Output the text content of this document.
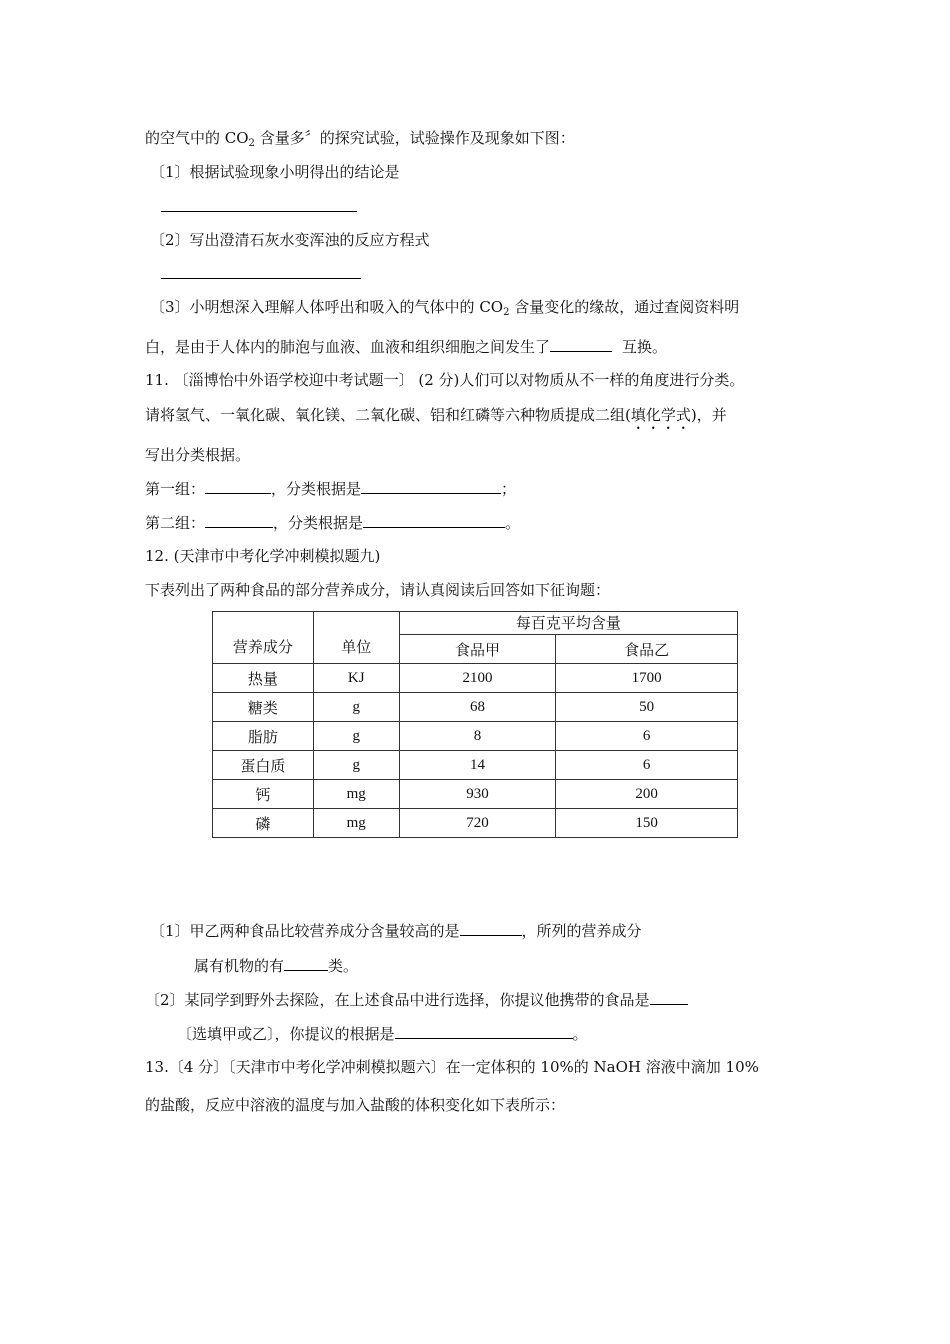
的空气中的 $CO_2$ 含量多〞的探究试验，试验操作及现象如下图：
〔1〕根据试验现象小明得出的结论是
〔2〕写出澄清石灰水变浑浊的反应方程式
〔3〕小明想深入理解人体呼出和吸入的气体中的 $CO_2$ 含量变化的缘故，通过查阅资料明
白，是由于人体内的肺泡与血液、血液和组织细胞之间发生了	互换。
11. 〔淄博怡中外语学校迎中考试题一〕 (2 分)人们可以对物质从不一样的角度进行分类。
请将氢气、一氧化碳、氧化镁、二氧化碳、铝和红磷等六种物质提成二组(填化学式)，并
写出分类根据。
第一组：	，分类根据是	；
第二组：	，分类根据是	。
12. (天津市中考化学冲刺模拟题九)
下表列出了两种食品的部分营养成分，请认真阅读后回答如下征询题：
营养成分	单位	每百克平均含量	
		食品甲	食品乙
热量	KJ	2100	1700
糖类	g	68	50
脂肪	g	8	6
蛋白质	g	14	6
钙	mg	930	200
磷	mg	720	150
〔1〕甲乙两种食品比较营养成分含量较高的是	，所列的营养成分
属有机物的有	类。
〔2〕某同学到野外去探险，在上述食品中进行选择，你提议他携带的食品是
〔选填甲或乙〕，你提议的根据是	。
13.〔4 分〕〔天津市中考化学冲刺模拟题六〕在一定体积的 10%的 NaOH 溶液中滴加 10%
的盐酸，反应中溶液的温度与加入盐酸的体积变化如下表所示：
